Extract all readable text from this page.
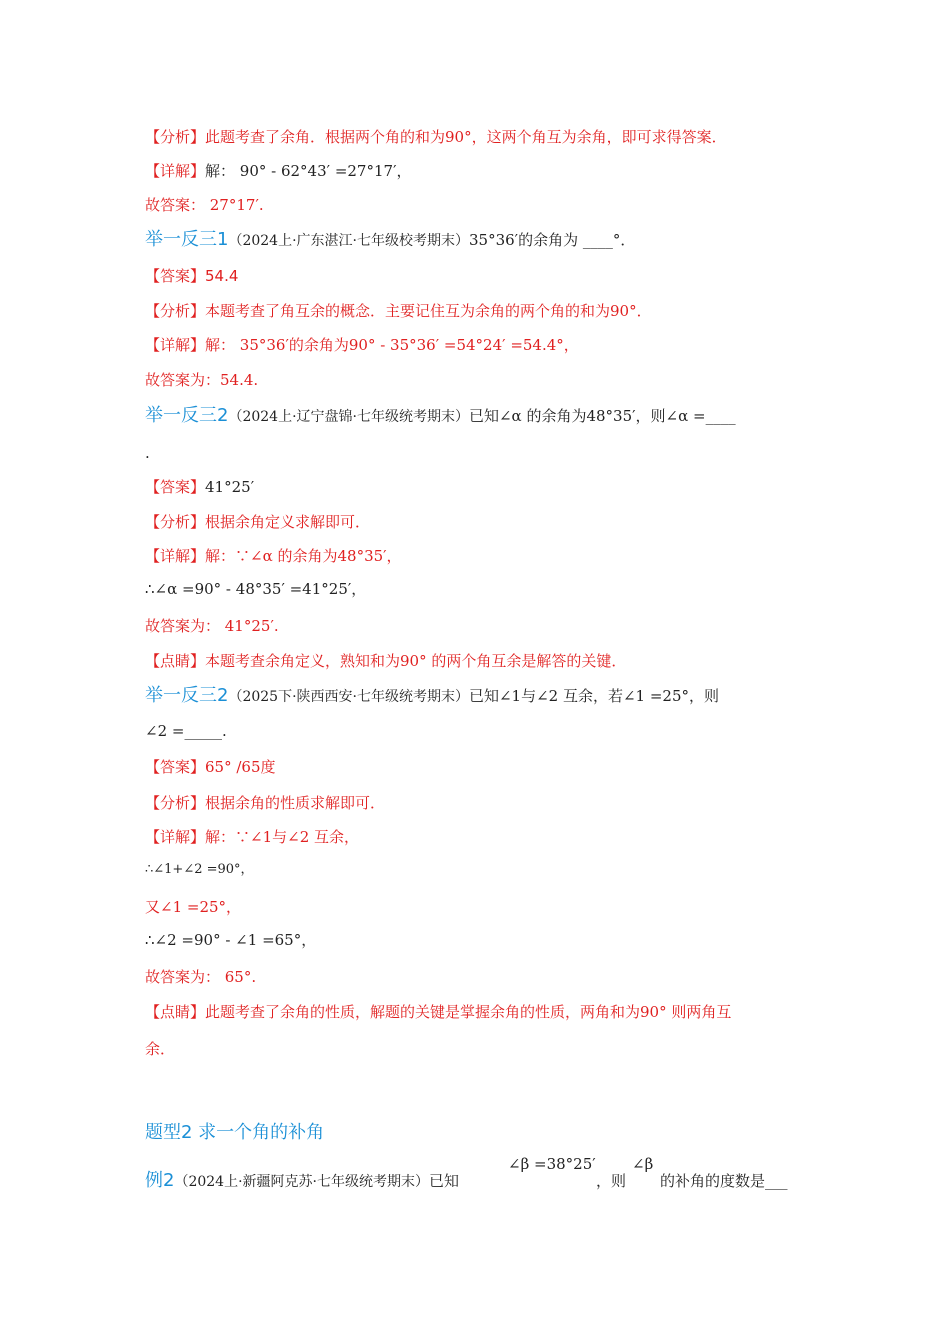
【分析】此题考查了余角．根据两个角的和为90°，这两个角互为余角，即可求得答案．
【详解】解： 90° - 62°43′ =27°17′，
故答案： 27°17′.
举一反三1（2024上·广东湛江·七年级校考期末）35°36′的余角为 ____°．
【答案】54.4
【分析】本题考查了角互余的概念．主要记住互为余角的两个角的和为90°．
【详解】解： 35°36′的余角为90° - 35°36′ =54°24′ =54.4°，
故答案为：54.4.
举一反三2（2024上·辽宁盘锦·七年级统考期末）已知∠α 的余角为48°35′，则∠α =____
.
【答案】41°25′
【分析】根据余角定义求解即可．
【详解】解：∵∠α 的余角为48°35′，
∴∠α =90° - 48°35′ =41°25′，
故答案为： 41°25′.
【点睛】本题考查余角定义，熟知和为90° 的两个角互余是解答的关键．
举一反三2（2025下·陕西西安·七年级统考期末）已知∠1与∠2 互余，若∠1 =25°，则
∠2 =_____.
【答案】65° /65度
【分析】根据余角的性质求解即可．
【详解】解：∵∠1与∠2 互余，
∴∠1+∠2 =90°，
又∠1 =25°，
∴∠2 =90° - ∠1 =65°，
故答案为： 65°.
【点睛】此题考查了余角的性质，解题的关键是掌握余角的性质，两角和为90° 则两角互
余．
题型2 求一个角的补角
例2（2024上·新疆阿克苏·七年级统考期末）已知
∠β =38°25′
，则
∠β
的补角的度数是___
